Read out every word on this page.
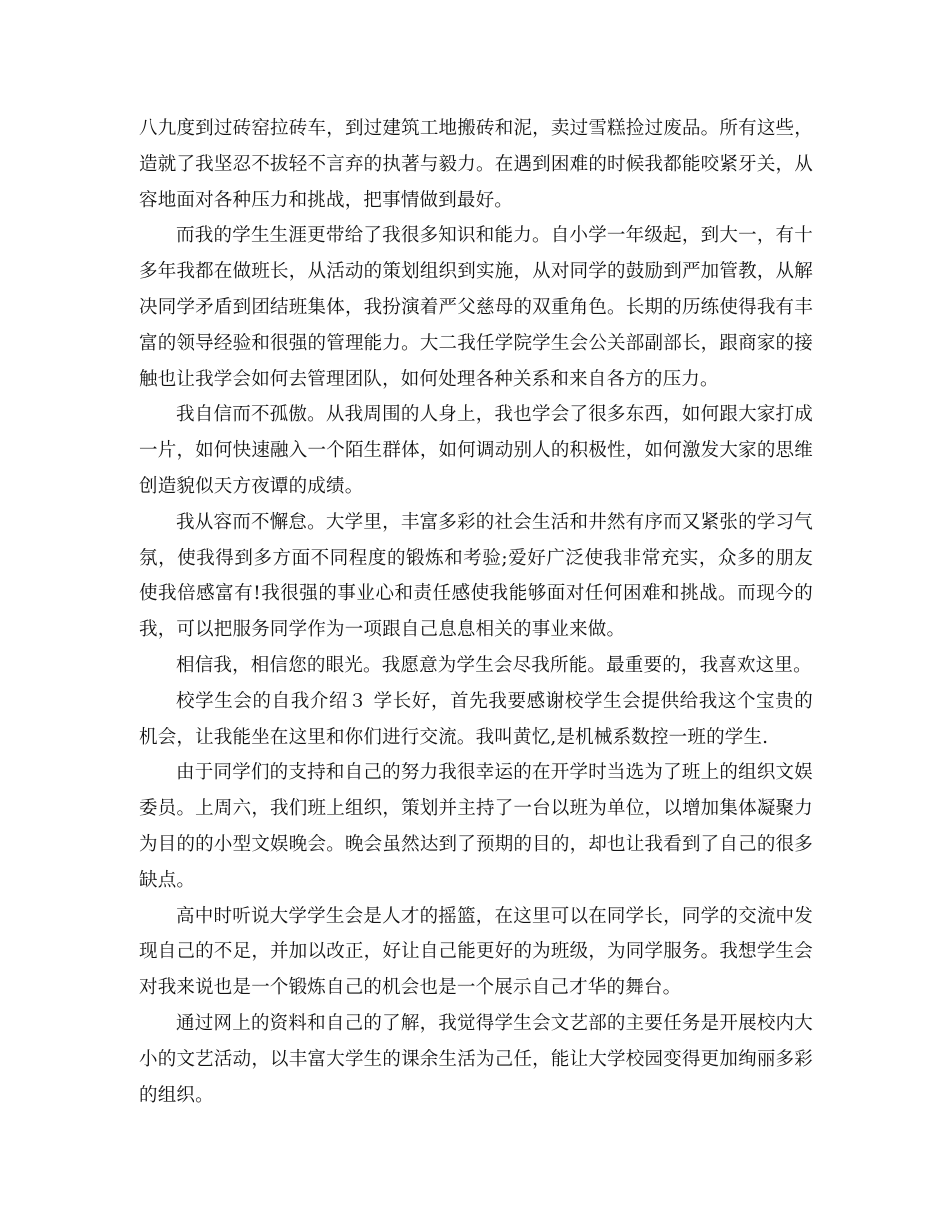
八九度到过砖窑拉砖车，到过建筑工地搬砖和泥，卖过雪糕捡过废品。所有这些，造就了我坚忍不拔轻不言弃的执著与毅力。在遇到困难的时候我都能咬紧牙关，从容地面对各种压力和挑战，把事情做到最好。

而我的学生生涯更带给了我很多知识和能力。自小学一年级起，到大一，有十多年我都在做班长，从活动的策划组织到实施，从对同学的鼓励到严加管教，从解决同学矛盾到团结班集体，我扮演着严父慈母的双重角色。长期的历练使得我有丰富的领导经验和很强的管理能力。大二我任学院学生会公关部副部长，跟商家的接触也让我学会如何去管理团队，如何处理各种关系和来自各方的压力。

我自信而不孤傲。从我周围的人身上，我也学会了很多东西，如何跟大家打成一片，如何快速融入一个陌生群体，如何调动别人的积极性，如何激发大家的思维创造貌似天方夜谭的成绩。

我从容而不懈怠。大学里，丰富多彩的社会生活和井然有序而又紧张的学习气氛，使我得到多方面不同程度的锻炼和考验;爱好广泛使我非常充实，众多的朋友使我倍感富有!我很强的事业心和责任感使我能够面对任何困难和挑战。而现今的我，可以把服务同学作为一项跟自己息息相关的事业来做。

相信我，相信您的眼光。我愿意为学生会尽我所能。最重要的，我喜欢这里。

校学生会的自我介绍３ 学长好，首先我要感谢校学生会提供给我这个宝贵的机会，让我能坐在这里和你们进行交流。我叫黄忆,是机械系数控一班的学生.

由于同学们的支持和自己的努力我很幸运的在开学时当选为了班上的组织文娱委员。上周六，我们班上组织，策划并主持了一台以班为单位，以增加集体凝聚力为目的的小型文娱晚会。晚会虽然达到了预期的目的，却也让我看到了自己的很多缺点。

高中时听说大学学生会是人才的摇篮，在这里可以在同学长，同学的交流中发现自己的不足，并加以改正，好让自己能更好的为班级，为同学服务。我想学生会对我来说也是一个锻炼自己的机会也是一个展示自己才华的舞台。

通过网上的资料和自己的了解，我觉得学生会文艺部的主要任务是开展校内大小的文艺活动，以丰富大学生的课余生活为己任，能让大学校园变得更加绚丽多彩的组织。
